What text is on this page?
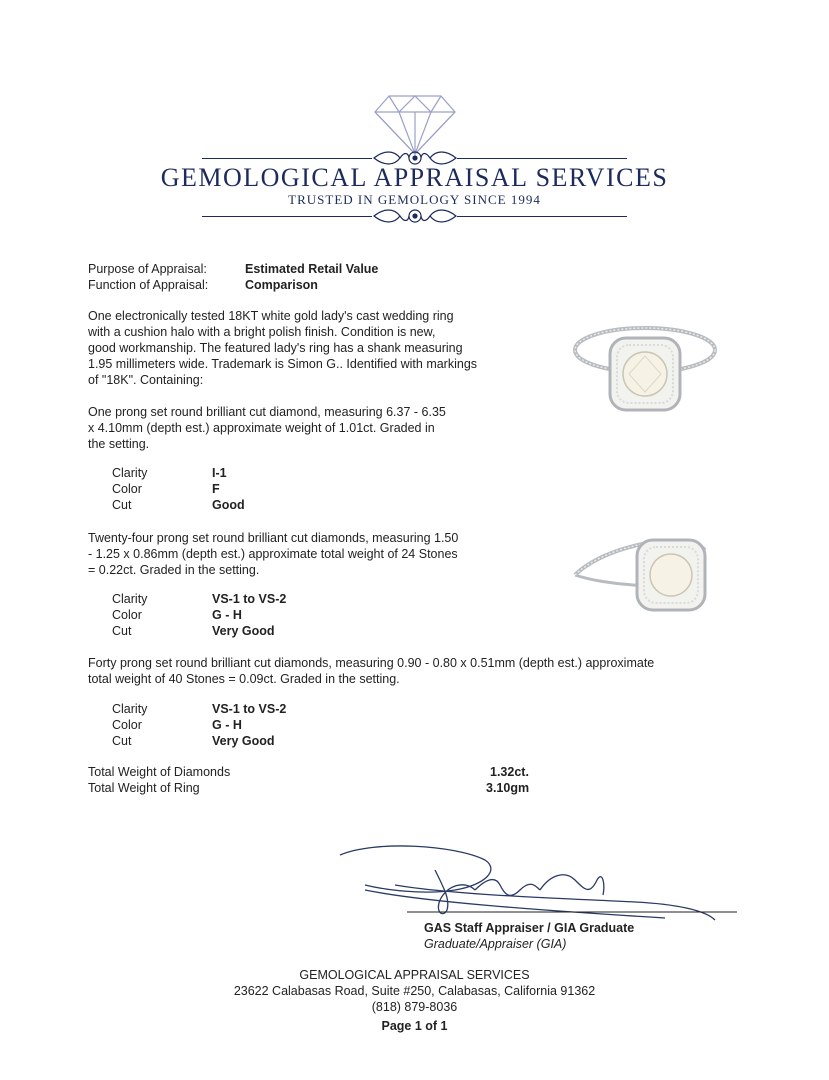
GEMOLOGICAL APPRAISAL SERVICES
TRUSTED IN GEMOLOGY SINCE 1994
Purpose of Appraisal:	Estimated Retail Value
Function of Appraisal:	Comparison
One electronically tested 18KT white gold lady's cast wedding ring
with a cushion halo with a bright polish finish. Condition is new,
good workmanship. The featured lady's ring has a shank measuring
1.95 millimeters wide. Trademark is Simon G.. Identified with markings
of "18K". Containing:
One prong set round brilliant cut diamond, measuring 6.37 - 6.35
x 4.10mm (depth est.) approximate weight of 1.01ct. Graded in
the setting.
Clarity	I-1
Color	F
Cut	Good
Twenty-four prong set round brilliant cut diamonds, measuring 1.50
- 1.25 x 0.86mm (depth est.) approximate total weight of 24 Stones
= 0.22ct. Graded in the setting.
Clarity	VS-1 to VS-2
Color	G - H
Cut	Very Good
Forty prong set round brilliant cut diamonds, measuring 0.90 - 0.80 x 0.51mm (depth est.) approximate
total weight of 40 Stones = 0.09ct. Graded in the setting.
Clarity	VS-1 to VS-2
Color	G - H
Cut	Very Good
Total Weight of Diamonds	1.32ct.
Total Weight of Ring	3.10gm
GAS Staff Appraiser / GIA Graduate
Graduate/Appraiser (GIA)
GEMOLOGICAL APPRAISAL SERVICES
23622 Calabasas Road, Suite #250, Calabasas, California 91362
(818) 879-8036
Page 1 of 1
